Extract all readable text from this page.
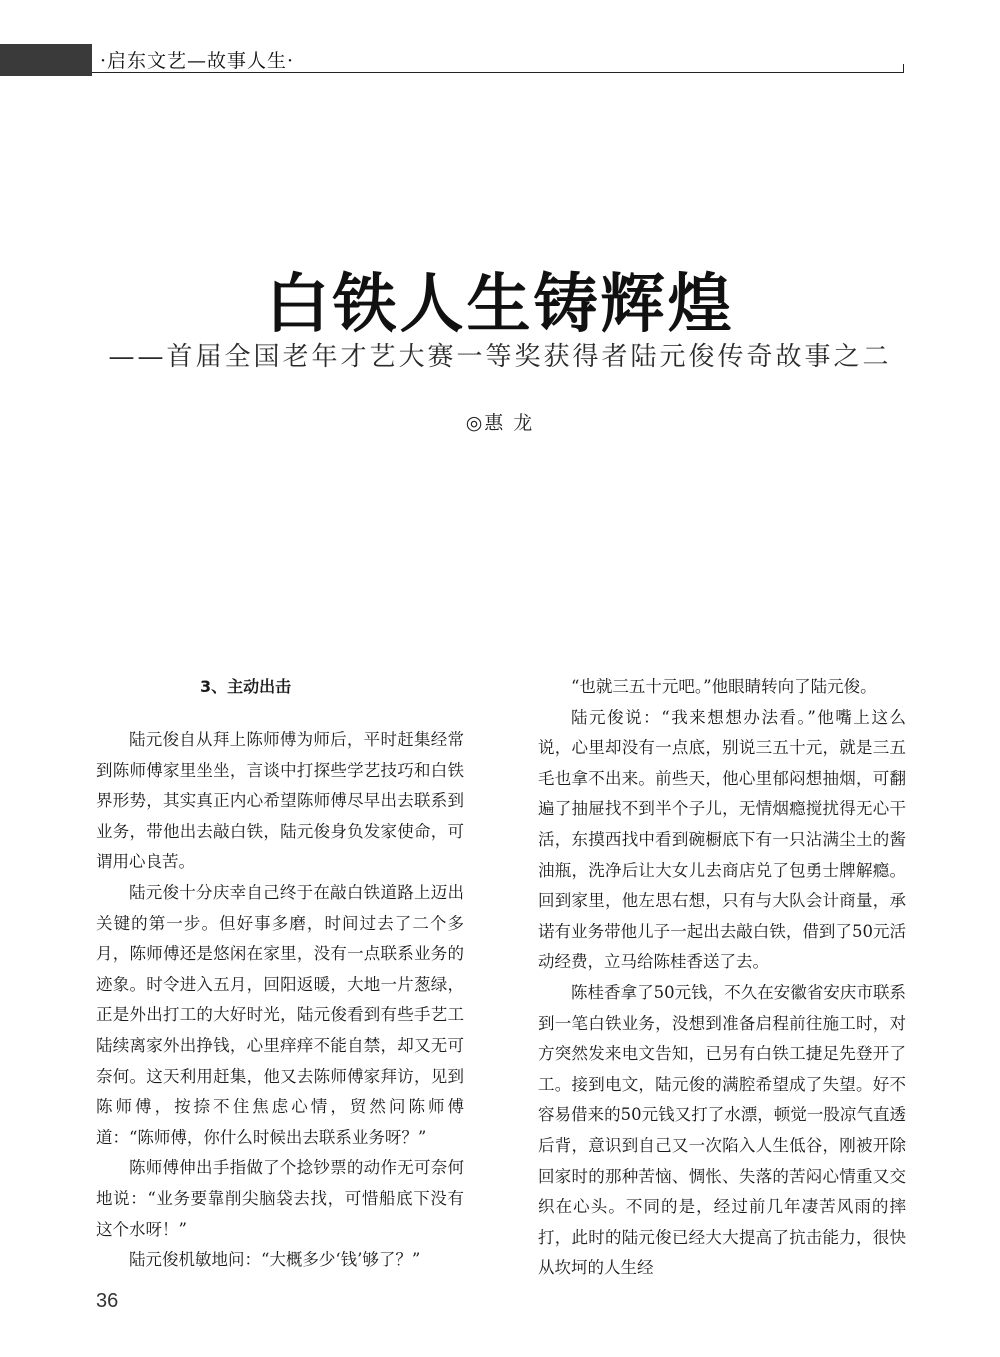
·启东文艺—故事人生·
白铁人生铸辉煌
——首届全国老年才艺大赛一等奖获得者陆元俊传奇故事之二
◎惠 龙
3、主动出击

陆元俊自从拜上陈师傅为师后，平时赶集经常到陈师傅家里坐坐，言谈中打探些学艺技巧和白铁界形势，其实真正内心希望陈师傅尽早出去联系到业务，带他出去敲白铁，陆元俊身负发家使命，可谓用心良苦。

陆元俊十分庆幸自己终于在敲白铁道路上迈出关键的第一步。但好事多磨，时间过去了二个多月，陈师傅还是悠闲在家里，没有一点联系业务的迹象。时令进入五月，回阳返暖，大地一片葱绿，正是外出打工的大好时光，陆元俊看到有些手艺工陆续离家外出挣钱，心里痒痒不能自禁，却又无可奈何。这天利用赶集，他又去陈师傅家拜访，见到陈师傅，按捺不住焦虑心情，贸然问陈师傅道：“陈师傅，你什么时候出去联系业务呀？”

陈师傅伸出手指做了个捻钞票的动作无可奈何地说：“业务要靠削尖脑袋去找，可惜船底下没有这个水呀！”

陆元俊机敏地问：“大概多少‘钱’够了？”

“也就三五十元吧。”他眼睛转向了陆元俊。

陆元俊说：“我来想想办法看。”他嘴上这么说，心里却没有一点底，别说三五十元，就是三五毛也拿不出来。前些天，他心里郁闷想抽烟，可翻遍了抽屉找不到半个子儿，无情烟瘾搅扰得无心干活，东摸西找中看到碗橱底下有一只沾满尘土的酱油瓶，洗净后让大女儿去商店兑了包勇士牌解瘾。回到家里，他左思右想，只有与大队会计商量，承诺有业务带他儿子一起出去敲白铁，借到了50元活动经费，立马给陈桂香送了去。

陈桂香拿了50元钱，不久在安徽省安庆市联系到一笔白铁业务，没想到准备启程前往施工时，对方突然发来电文告知，已另有白铁工捷足先登开了工。接到电文，陆元俊的满腔希望成了失望。好不容易借来的50元钱又打了水漂，顿觉一股凉气直透后背，意识到自己又一次陷入人生低谷，刚被开除回家时的那种苦恼、惆怅、失落的苦闷心情重又交织在心头。不同的是，经过前几年凄苦风雨的摔打，此时的陆元俊已经大大提高了抗击能力，很快从坎坷的人生经

36
